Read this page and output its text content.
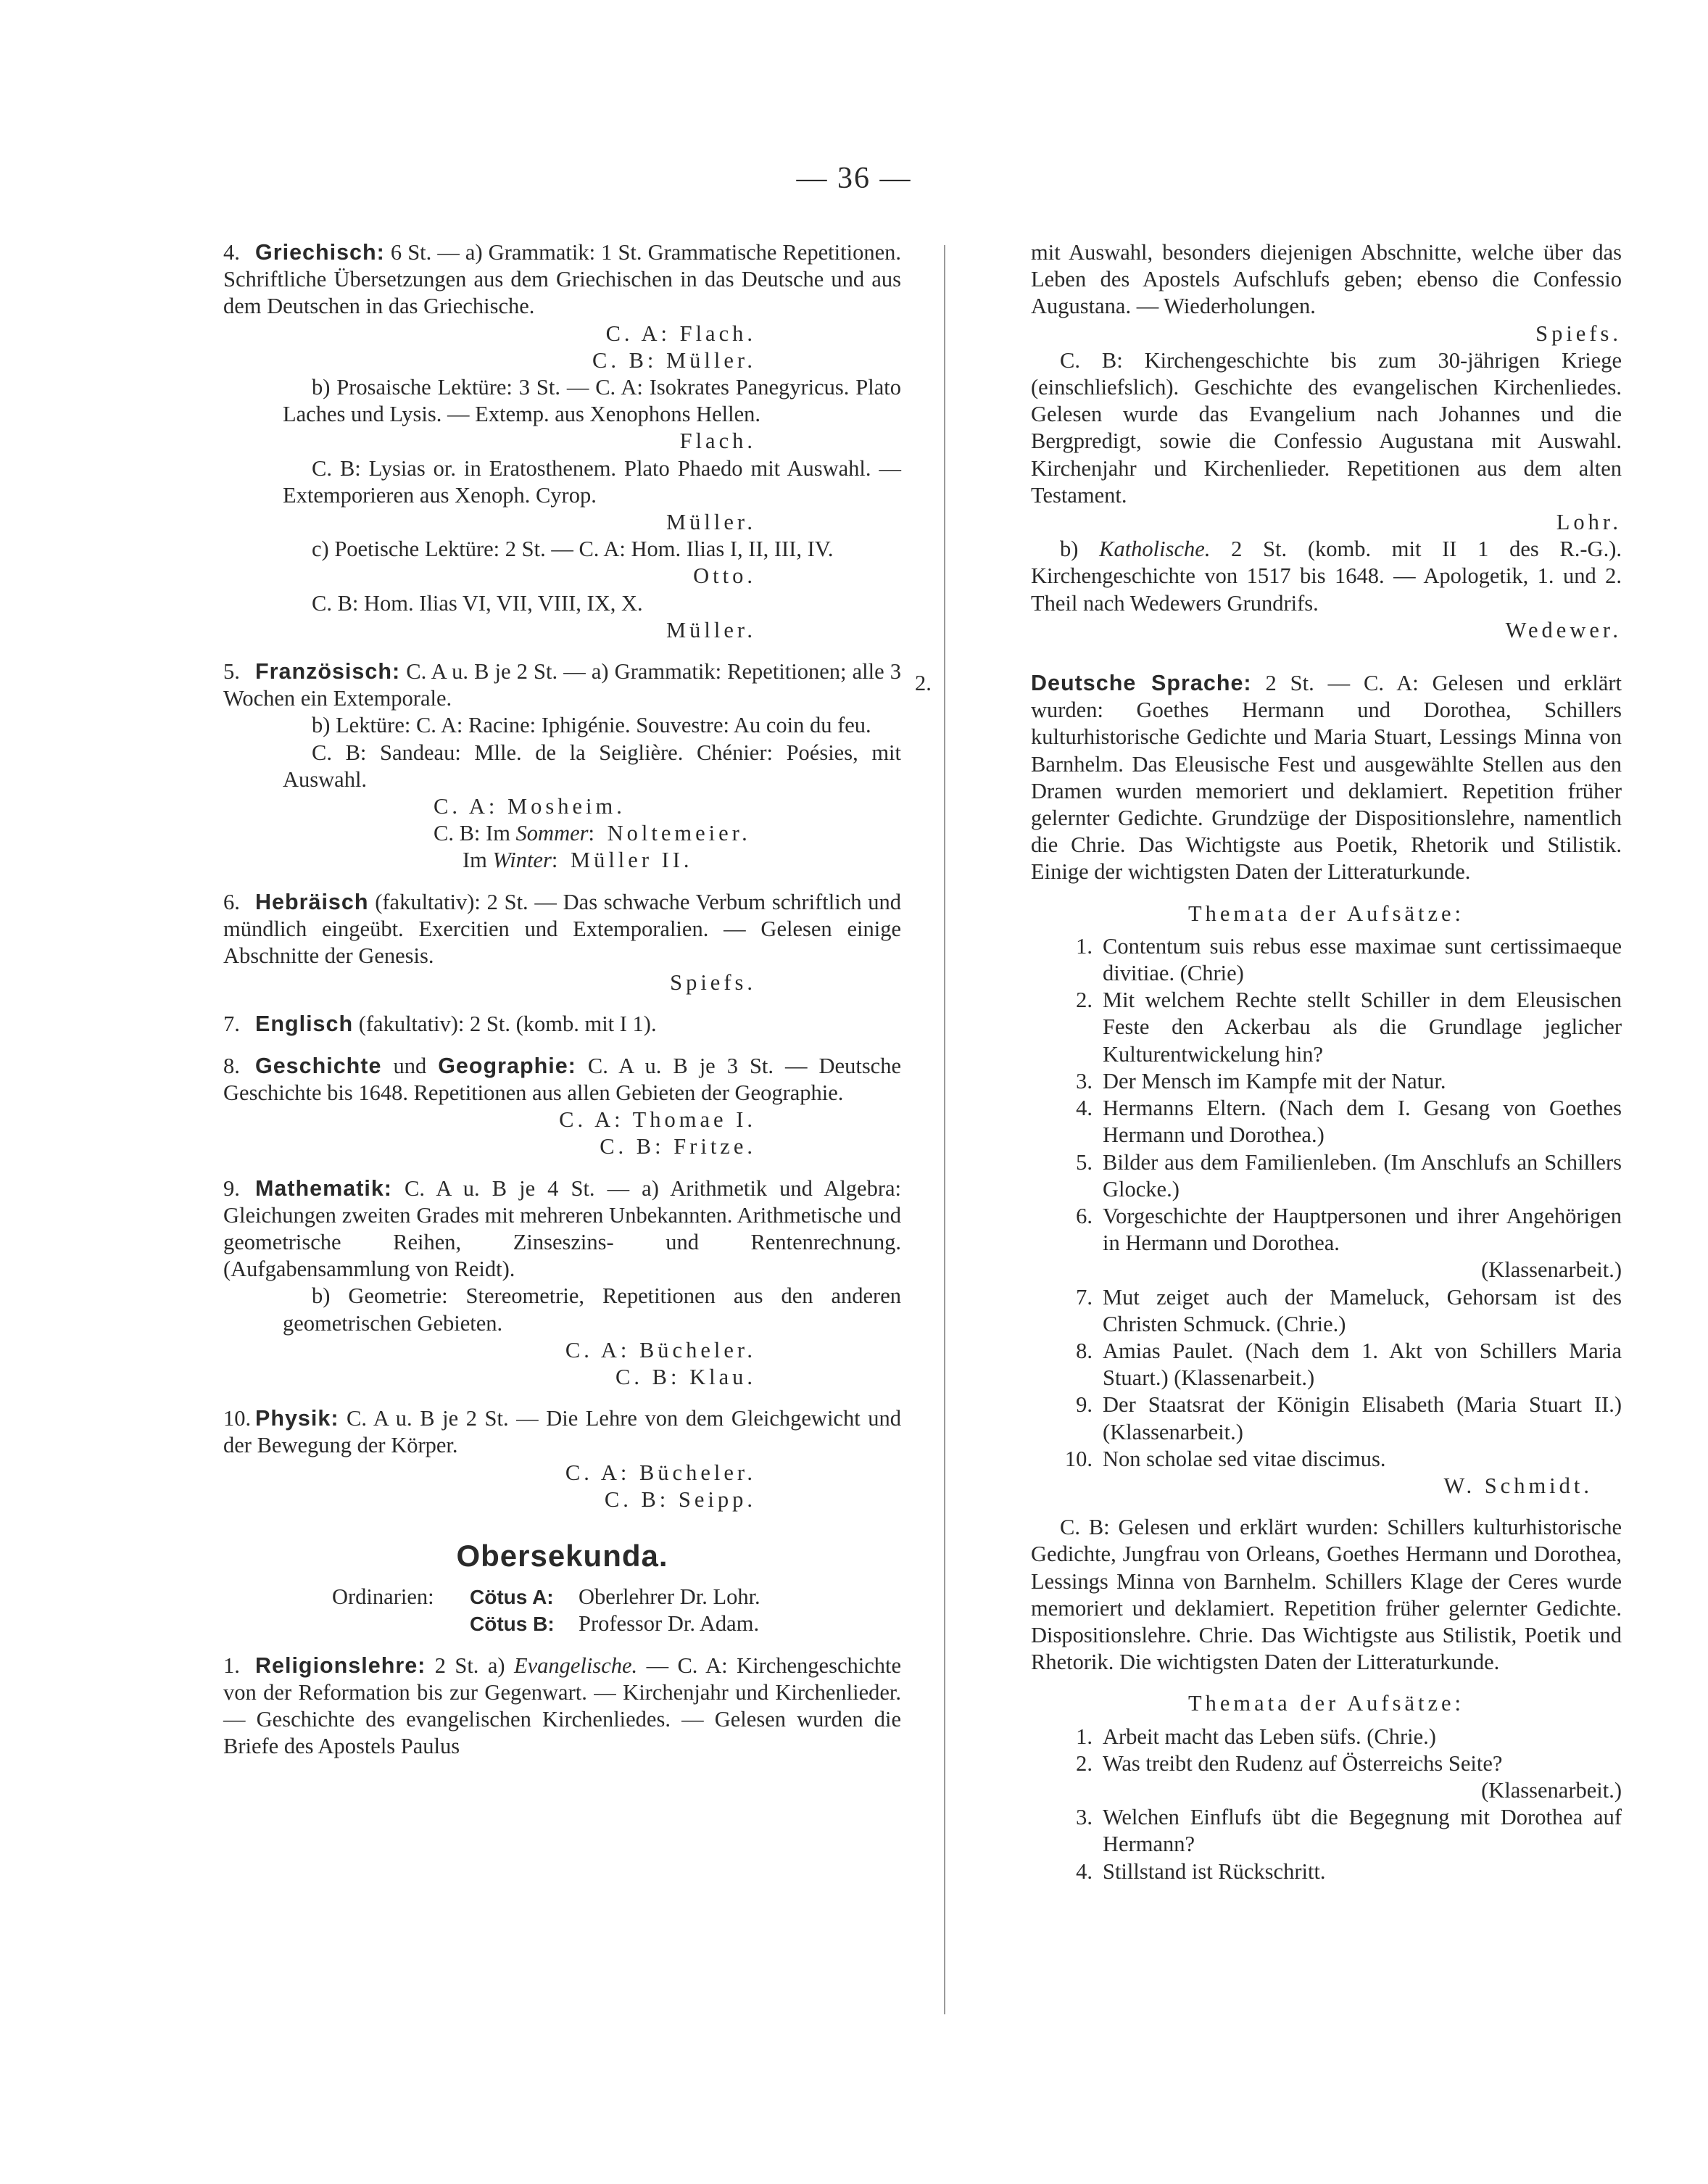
— 36 —

4. Griechisch: 6 St. — a) Grammatik: 1 St. Grammatische Repetitionen. Schriftliche Übersetzungen aus dem Griechischen in das Deutsche und aus dem Deutschen in das Griechische.

C. A: Flach.

C. B: Müller.

b) Prosaische Lektüre: 3 St. — C. A: Isokrates Panegyricus. Plato Laches und Lysis. — Extemp. aus Xenophons Hellen.

Flach.

C. B: Lysias or. in Eratosthenem. Plato Phaedo mit Auswahl. — Extemporieren aus Xenoph. Cyrop.

Müller.

c) Poetische Lektüre: 2 St. — C. A: Hom. Ilias I, II, III, IV.

Otto.

C. B: Hom. Ilias VI, VII, VIII, IX, X.

Müller.

5. Französisch: C. A u. B je 2 St. — a) Grammatik: Repetitionen; alle 3 Wochen ein Extemporale.

b) Lektüre: C. A: Racine: Iphigénie. Souvestre: Au coin du feu.

C. B: Sandeau: Mlle. de la Seiglière. Chénier: Poésies, mit Auswahl.

C. A: Mosheim.

C. B: Im Sommer: Noltemeier.

Im Winter: Müller II.

6. Hebräisch (fakultativ): 2 St. — Das schwache Verbum schriftlich und mündlich eingeübt. Exercitien und Extemporalien. — Gelesen einige Abschnitte der Genesis.

Spiefs.

7. Englisch (fakultativ): 2 St. (komb. mit I 1).

8. Geschichte und Geographie: C. A u. B je 3 St. — Deutsche Geschichte bis 1648. Repetitionen aus allen Gebieten der Geographie.

C. A: Thomae I.

C. B: Fritze.

9. Mathematik: C. A u. B je 4 St. — a) Arithmetik und Algebra: Gleichungen zweiten Grades mit mehreren Unbekannten. Arithmetische und geometrische Reihen, Zinseszins- und Rentenrechnung. (Aufgabensammlung von Reidt).

b) Geometrie: Stereometrie, Repetitionen aus den anderen geometrischen Gebieten.

C. A: Bücheler.

C. B: Klau.

10. Physik: C. A u. B je 2 St. — Die Lehre von dem Gleichgewicht und der Bewegung der Körper.

C. A: Bücheler.

C. B: Seipp.

Obersekunda.
Ordinarien: Cötus A: Oberlehrer Dr. Lohr.
Cötus B: Professor Dr. Adam.

1. Religionslehre: 2 St. a) Evangelische. — C. A: Kirchengeschichte von der Reformation bis zur Gegenwart. — Kirchenjahr und Kirchenlieder. — Geschichte des evangelischen Kirchenliedes. — Gelesen wurden die Briefe des Apostels Paulus

mit Auswahl, besonders diejenigen Abschnitte, welche über das Leben des Apostels Aufschlufs geben; ebenso die Confessio Augustana. — Wiederholungen.

Spiefs.

C. B: Kirchengeschichte bis zum 30-jährigen Kriege (einschliefslich). Geschichte des evangelischen Kirchenliedes. Gelesen wurde das Evangelium nach Johannes und die Bergpredigt, sowie die Confessio Augustana mit Auswahl. Kirchenjahr und Kirchenlieder. Repetitionen aus dem alten Testament.

Lohr.

b) Katholische. 2 St. (komb. mit II 1 des R.-G.). Kirchengeschichte von 1517 bis 1648. — Apologetik, 1. und 2. Theil nach Wedewers Grundrifs.

Wedewer.

2.	Deutsche Sprache: 2 St. — C. A: Gelesen und erklärt wurden: Goethes Hermann und Dorothea, Schillers kulturhistorische Gedichte und Maria Stuart, Lessings Minna von Barnhelm. Das Eleusische Fest und ausgewählte Stellen aus den Dramen wurden memoriert und deklamiert. Repetition früher gelernter Gedichte. Grundzüge der Dispositionslehre, namentlich die Chrie. Das Wichtigste aus Poetik, Rhetorik und Stilistik. Einige der wichtigsten Daten der Litteraturkunde.

Themata der Aufsätze:

1. Contentum suis rebus esse maximae sunt certissimaeque divitiae. (Chrie)
2. Mit welchem Rechte stellt Schiller in dem Eleusischen Feste den Ackerbau als die Grundlage jeglicher Kulturentwickelung hin?
3. Der Mensch im Kampfe mit der Natur.
4. Hermanns Eltern. (Nach dem I. Gesang von Goethes Hermann und Dorothea.)
5. Bilder aus dem Familienleben. (Im Anschlufs an Schillers Glocke.)
6. Vorgeschichte der Hauptpersonen und ihrer Angehörigen in Hermann und Dorothea.
(Klassenarbeit.)
7. Mut zeiget auch der Mameluck, Gehorsam ist des Christen Schmuck. (Chrie.)
8. Amias Paulet. (Nach dem 1. Akt von Schillers Maria Stuart.) (Klassenarbeit.)
9. Der Staatsrat der Königin Elisabeth (Maria Stuart II.) (Klassenarbeit.)
10. Non scholae sed vitae discimus.

W. Schmidt.

C. B: Gelesen und erklärt wurden: Schillers kulturhistorische Gedichte, Jungfrau von Orleans, Goethes Hermann und Dorothea, Lessings Minna von Barnhelm. Schillers Klage der Ceres wurde memoriert und deklamiert. Repetition früher gelernter Gedichte. Dispositionslehre. Chrie. Das Wichtigste aus Stilistik, Poetik und Rhetorik. Die wichtigsten Daten der Litteraturkunde.

Themata der Aufsätze:

1. Arbeit macht das Leben süfs. (Chrie.)
2. Was treibt den Rudenz auf Österreichs Seite?
(Klassenarbeit.)
3. Welchen Einflufs übt die Begegnung mit Dorothea auf Hermann?
4. Stillstand ist Rückschritt.
